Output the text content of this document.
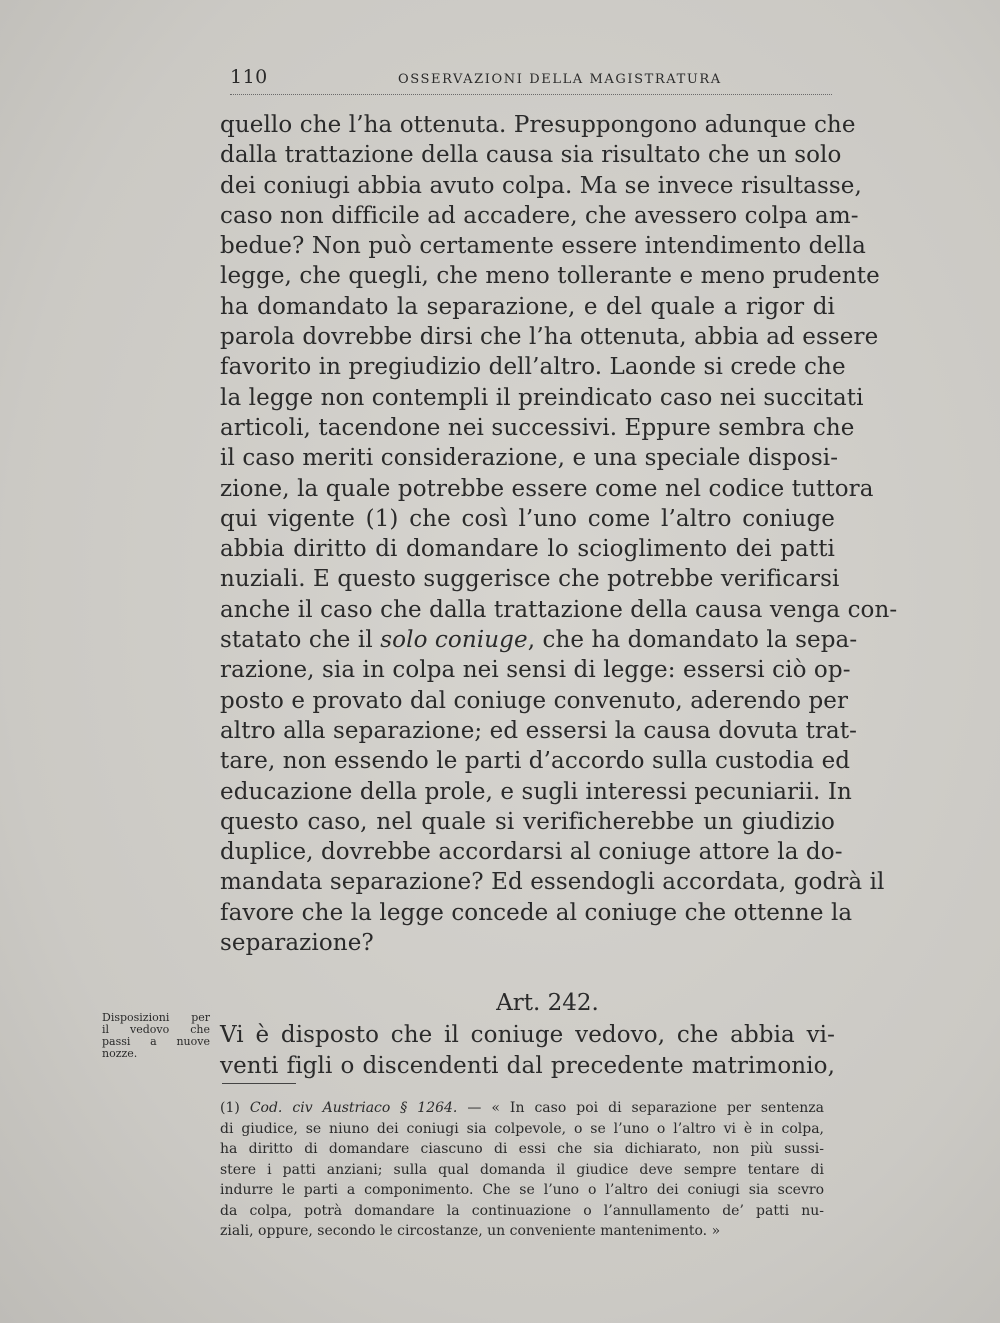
110	OSSERVAZIONI DELLA MAGISTRATURA
quello che l’ha ottenuta. Presuppongono adunque che
dalla trattazione della causa sia risultato che un solo
dei coniugi abbia avuto colpa. Ma se invece risultasse,
caso non difficile ad accadere, che avessero colpa am-
bedue? Non può certamente essere intendimento della
legge, che quegli, che meno tollerante e meno prudente
ha domandato la separazione, e del quale a rigor di
parola dovrebbe dirsi che l’ha ottenuta, abbia ad essere
favorito in pregiudizio dell’altro. Laonde si crede che
la legge non contempli il preindicato caso nei succitati
articoli, tacendone nei successivi. Eppure sembra che
il caso meriti considerazione, e una speciale disposi-
zione, la quale potrebbe essere come nel codice tuttora
qui vigente (1) che così l’uno come l’altro coniuge
abbia diritto di domandare lo scioglimento dei patti
nuziali. E questo suggerisce che potrebbe verificarsi
anche il caso che dalla trattazione della causa venga con-
statato che il solo coniuge, che ha domandato la sepa-
razione, sia in colpa nei sensi di legge: essersi ciò op-
posto e provato dal coniuge convenuto, aderendo per
altro alla separazione; ed essersi la causa dovuta trat-
tare, non essendo le parti d’accordo sulla custodia ed
educazione della prole, e sugli interessi pecuniarii. In
questo caso, nel quale si verificherebbe un giudizio
duplice, dovrebbe accordarsi al coniuge attore la do-
mandata separazione? Ed essendogli accordata, godrà il
favore che la legge concede al coniuge che ottenne la
separazione?
Art. 242.
Vi è disposto che il coniuge vedovo, che abbia vi-
venti figli o discendenti dal precedente matrimonio,
Disposizioni per
il vedovo che
passi a nuove
nozze.
(1) Cod. civ Austriaco § 1264. — « In caso poi di separazione per sentenza
di giudice, se niuno dei coniugi sia colpevole, o se l’uno o l’altro vi è in colpa,
ha diritto di domandare ciascuno di essi che sia dichiarato, non più sussi-
stere i patti anziani; sulla qual domanda il giudice deve sempre tentare di
indurre le parti a componimento. Che se l’uno o l’altro dei coniugi sia scevro
da colpa, potrà domandare la continuazione o l’annullamento de’ patti nu-
ziali, oppure, secondo le circostanze, un conveniente mantenimento. »
